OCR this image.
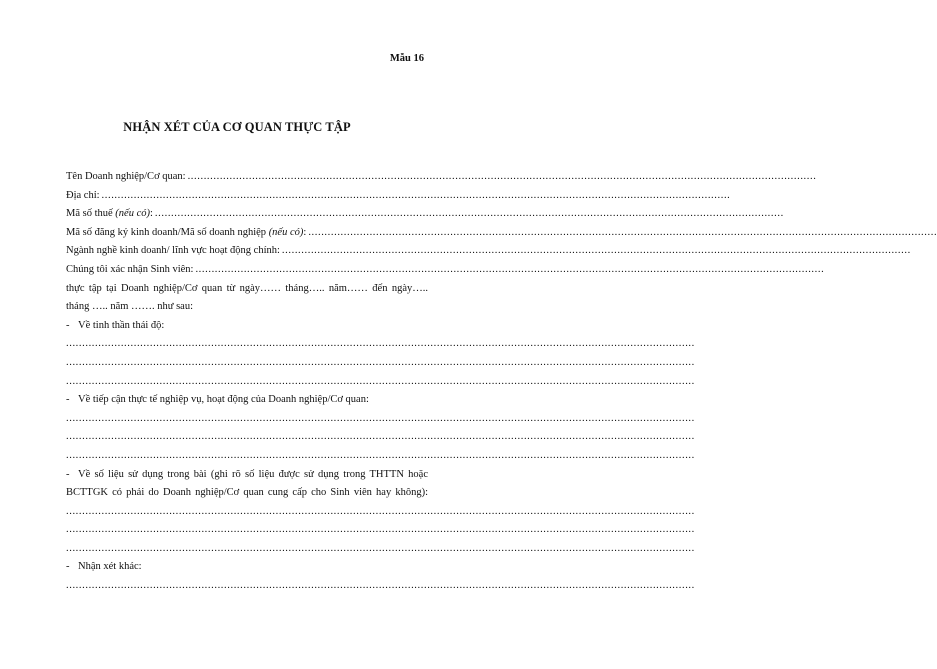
Mẫu 16
NHẬN XÉT CỦA CƠ QUAN THỰC TẬP
Tên Doanh nghiệp/Cơ quan: ...................................................................................................................................................................................................
Địa chỉ: ...................................................................................................................................................................................................
Mã số thuế (nếu có): ...................................................................................................................................................................................................
Mã số đăng ký kinh doanh/Mã số doanh nghiệp (nếu có): ...................................................................................................................................................................................................
Ngành nghề kinh doanh/ lĩnh vực hoạt động chính: ...................................................................................................................................................................................................
Chúng tôi xác nhận Sinh viên: ...................................................................................................................................................................................................
thực tập tại Doanh nghiệp/Cơ quan từ ngày…… tháng….. năm…… đến ngày…..
tháng ….. năm ……. như sau:
- Về tinh thần thái độ:
...................................................................................................................................................................................................
...................................................................................................................................................................................................
...................................................................................................................................................................................................
- Về tiếp cận thực tế nghiệp vụ, hoạt động của Doanh nghiệp/Cơ quan:
...................................................................................................................................................................................................
...................................................................................................................................................................................................
...................................................................................................................................................................................................
- Về số liệu sử dụng trong bài (ghi rõ số liệu được sử dụng trong THTTN hoặc
BCTTGK có phải do Doanh nghiệp/Cơ quan cung cấp cho Sinh viên hay không):
...................................................................................................................................................................................................
...................................................................................................................................................................................................
...................................................................................................................................................................................................
- Nhận xét khác:
...................................................................................................................................................................................................
